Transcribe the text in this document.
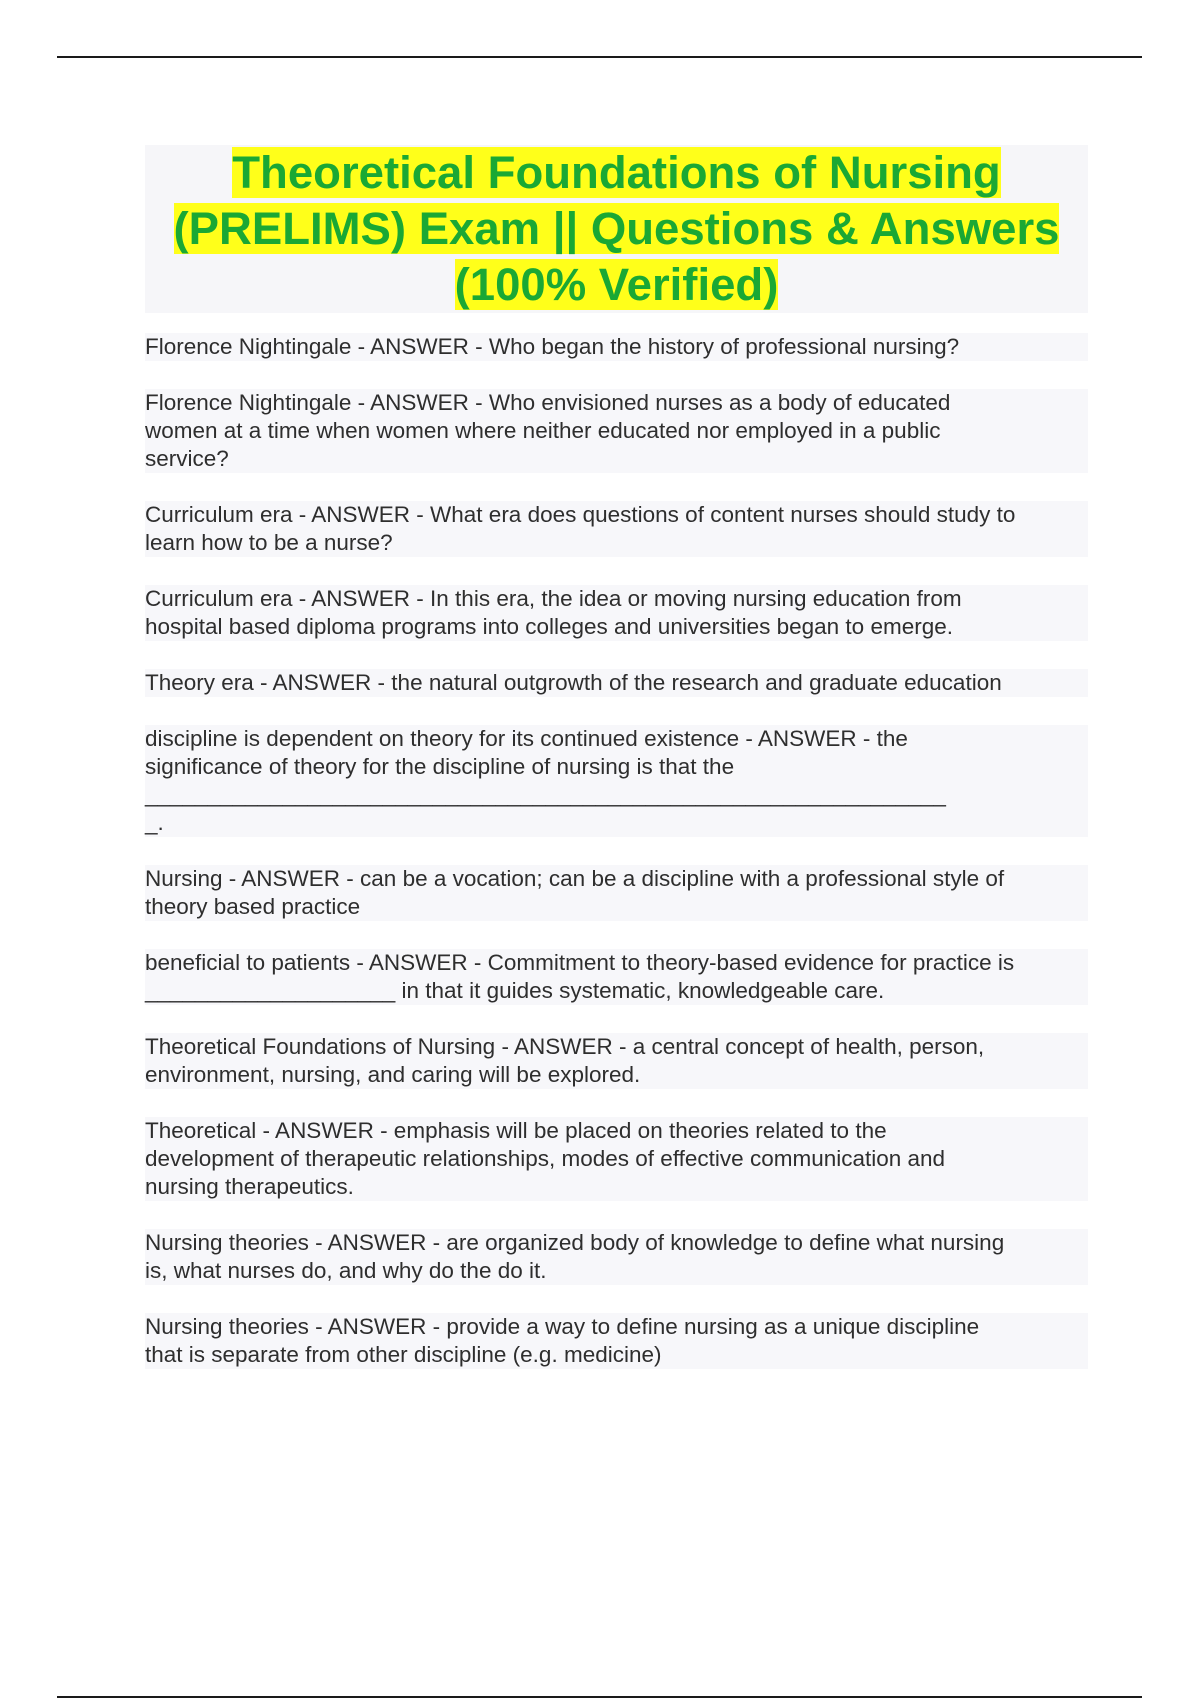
Theoretical Foundations of Nursing
(PRELIMS) Exam || Questions & Answers
(100% Verified)
Florence Nightingale - ANSWER - Who began the history of professional nursing?
Florence Nightingale - ANSWER - Who envisioned nurses as a body of educated
women at a time when women where neither educated nor employed in a public
service?
Curriculum era - ANSWER - What era does questions of content nurses should study to
learn how to be a nurse?
Curriculum era - ANSWER - In this era, the idea or moving nursing education from
hospital based diploma programs into colleges and universities began to emerge.
Theory era - ANSWER - the natural outgrowth of the research and graduate education
discipline is dependent on theory for its continued existence - ANSWER - the
significance of theory for the discipline of nursing is that the
________________________________________________________________
_.
Nursing - ANSWER - can be a vocation; can be a discipline with a professional style of
theory based practice
beneficial to patients - ANSWER - Commitment to theory-based evidence for practice is
____________________ in that it guides systematic, knowledgeable care.
Theoretical Foundations of Nursing - ANSWER - a central concept of health, person,
environment, nursing, and caring will be explored.
Theoretical - ANSWER - emphasis will be placed on theories related to the
development of therapeutic relationships, modes of effective communication and
nursing therapeutics.
Nursing theories - ANSWER - are organized body of knowledge to define what nursing
is, what nurses do, and why do the do it.
Nursing theories - ANSWER - provide a way to define nursing as a unique discipline
that is separate from other discipline (e.g. medicine)
